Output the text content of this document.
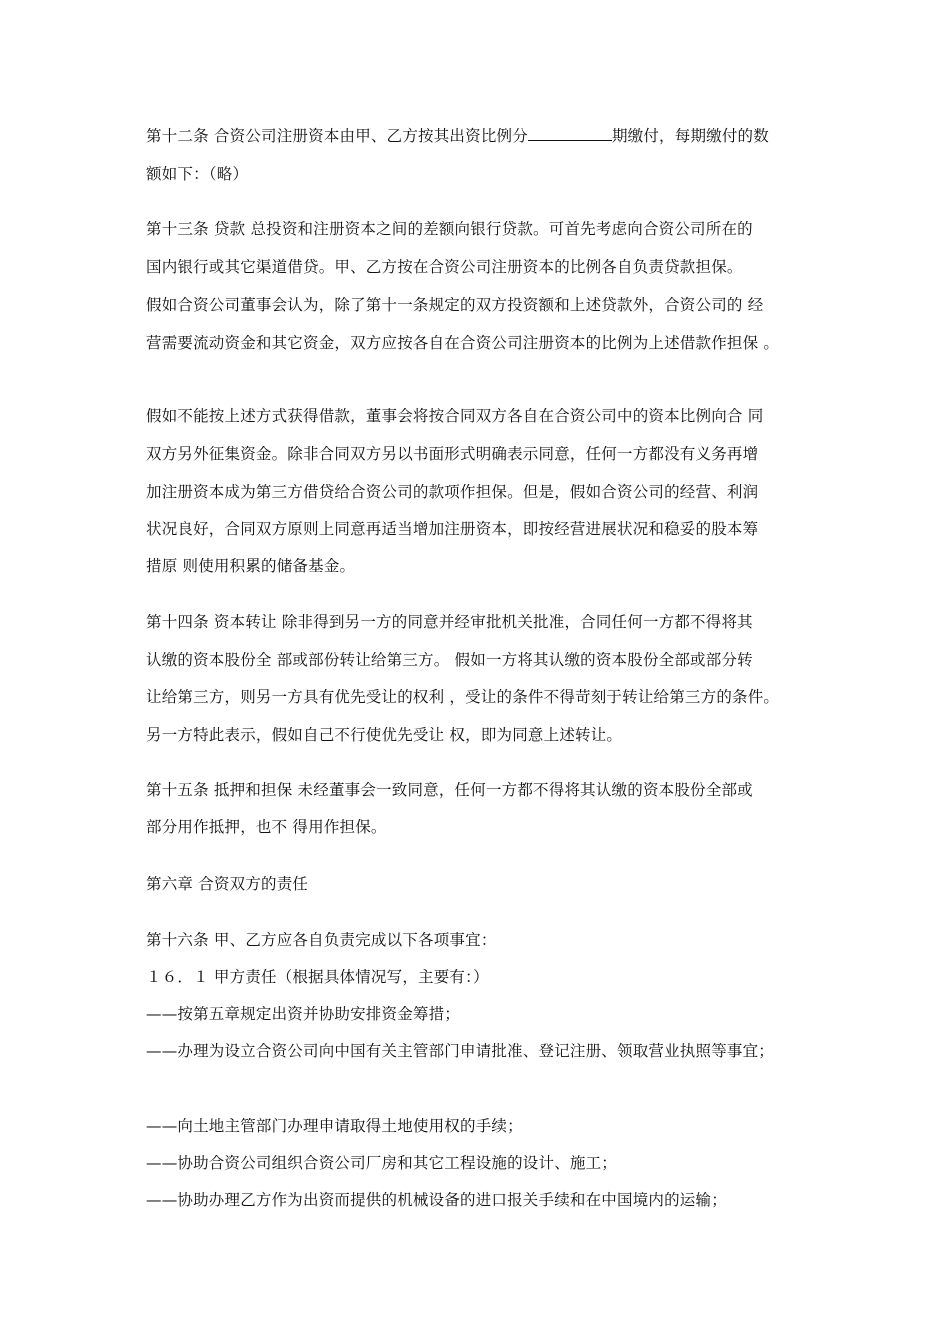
第十二条 合资公司注册资本由甲、乙方按其出资比例分	期缴付，每期缴付的数
额如下：（略）
第十三条 贷款 总投资和注册资本之间的差额向银行贷款。可首先考虑向合资公司所在的
国内银行或其它渠道借贷。甲、乙方按在合资公司注册资本的比例各自负责贷款担保。
假如合资公司董事会认为，除了第十一条规定的双方投资额和上述贷款外，合资公司的 经
营需要流动资金和其它资金，双方应按各自在合资公司注册资本的比例为上述借款作担保 。
假如不能按上述方式获得借款，董事会将按合同双方各自在合资公司中的资本比例向合 同
双方另外征集资金。除非合同双方另以书面形式明确表示同意，任何一方都没有义务再增
加注册资本成为第三方借贷给合资公司的款项作担保。但是，假如合资公司的经营、利润
状况良好，合同双方原则上同意再适当增加注册资本，即按经营进展状况和稳妥的股本筹
措原 则使用积累的储备基金。
第十四条 资本转让 除非得到另一方的同意并经审批机关批准，合同任何一方都不得将其
认缴的资本股份全 部或部份转让给第三方。 假如一方将其认缴的资本股份全部或部分转
让给第三方，则另一方具有优先受让的权利 ，受让的条件不得苛刻于转让给第三方的条件。
另一方特此表示，假如自己不行使优先受让 权，即为同意上述转让。
第十五条 抵押和担保 未经董事会一致同意，任何一方都不得将其认缴的资本股份全部或
部分用作抵押，也不 得用作担保。
第六章 合资双方的责任
第十六条 甲、乙方应各自负责完成以下各项事宜：
１６．１ 甲方责任（根据具体情况写，主要有：）
——按第五章规定出资并协助安排资金筹措；
——办理为设立合资公司向中国有关主管部门申请批准、登记注册、领取营业执照等事宜；
——向土地主管部门办理申请取得土地使用权的手续；
——协助合资公司组织合资公司厂房和其它工程设施的设计、施工；
——协助办理乙方作为出资而提供的机械设备的进口报关手续和在中国境内的运输；
